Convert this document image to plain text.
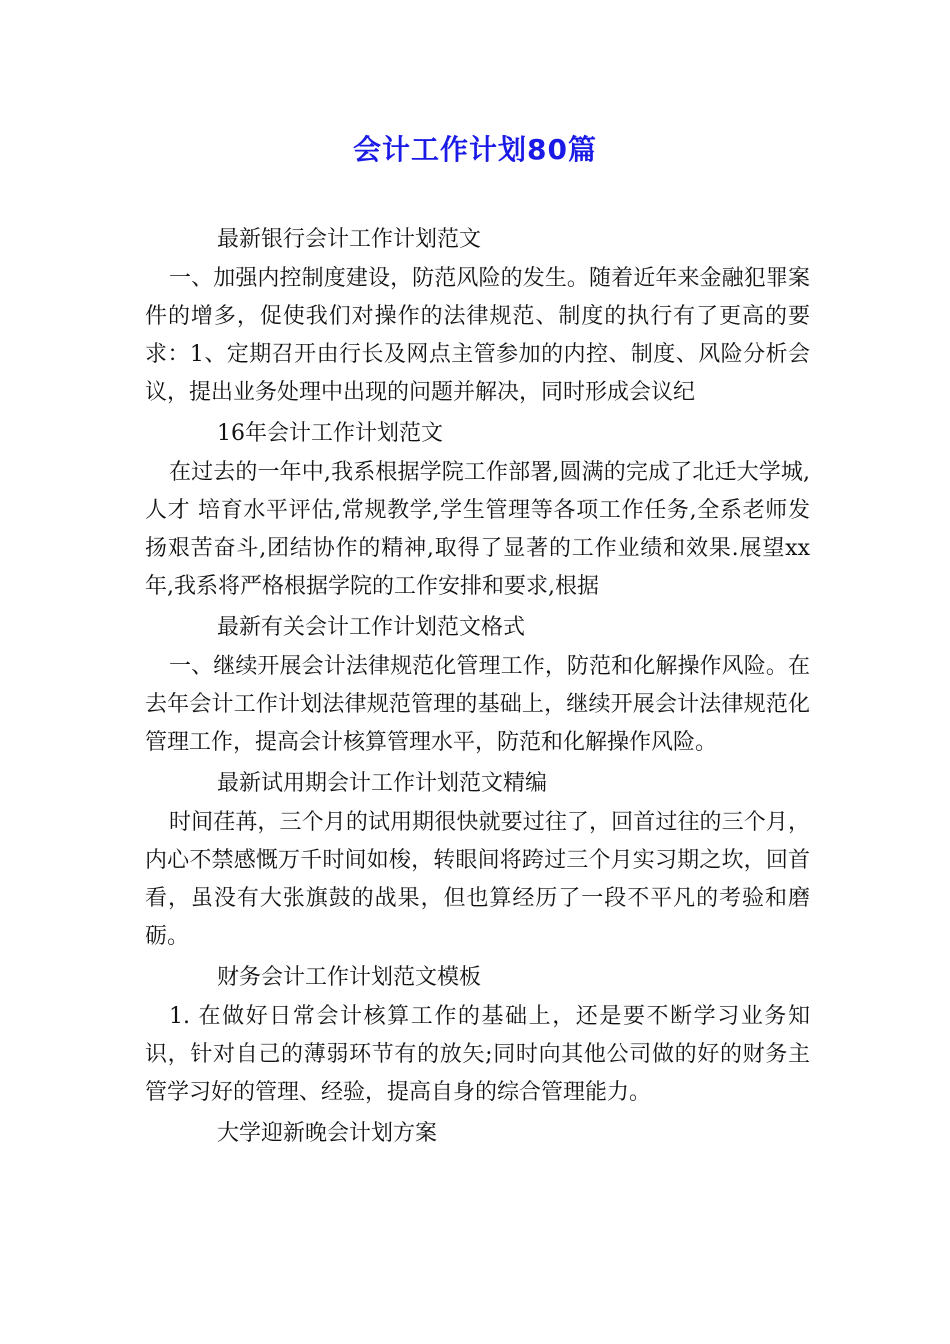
会计工作计划80篇

最新银行会计工作计划范文

一、加强内控制度建设，防范风险的发生。随着近年来金融犯罪案件的增多，促使我们对操作的法律规范、制度的执行有了更高的要求：1、定期召开由行长及网点主管参加的内控、制度、风险分析会议，提出业务处理中出现的问题并解决，同时形成会议纪

16年会计工作计划范文

在过去的一年中,我系根据学院工作部署,圆满的完成了北迁大学城, 人才 培育水平评估,常规教学,学生管理等各项工作任务,全系老师发扬艰苦奋斗,团结协作的精神,取得了显著的工作业绩和效果.展望xx年,我系将严格根据学院的工作安排和要求,根据

最新有关会计工作计划范文格式

一、继续开展会计法律规范化管理工作，防范和化解操作风险。在去年会计工作计划法律规范管理的基础上，继续开展会计法律规范化管理工作，提高会计核算管理水平，防范和化解操作风险。

最新试用期会计工作计划范文精编

时间荏苒，三个月的试用期很快就要过往了，回首过往的三个月，内心不禁感慨万千时间如梭，转眼间将跨过三个月实习期之坎，回首看，虽没有大张旗鼓的战果，但也算经历了一段不平凡的考验和磨砺。

财务会计工作计划范文模板

1. 在做好日常会计核算工作的基础上，还是要不断学习业务知识，针对自己的薄弱环节有的放矢;同时向其他公司做的好的财务主管学习好的管理、经验，提高自身的综合管理能力。

大学迎新晚会计划方案
